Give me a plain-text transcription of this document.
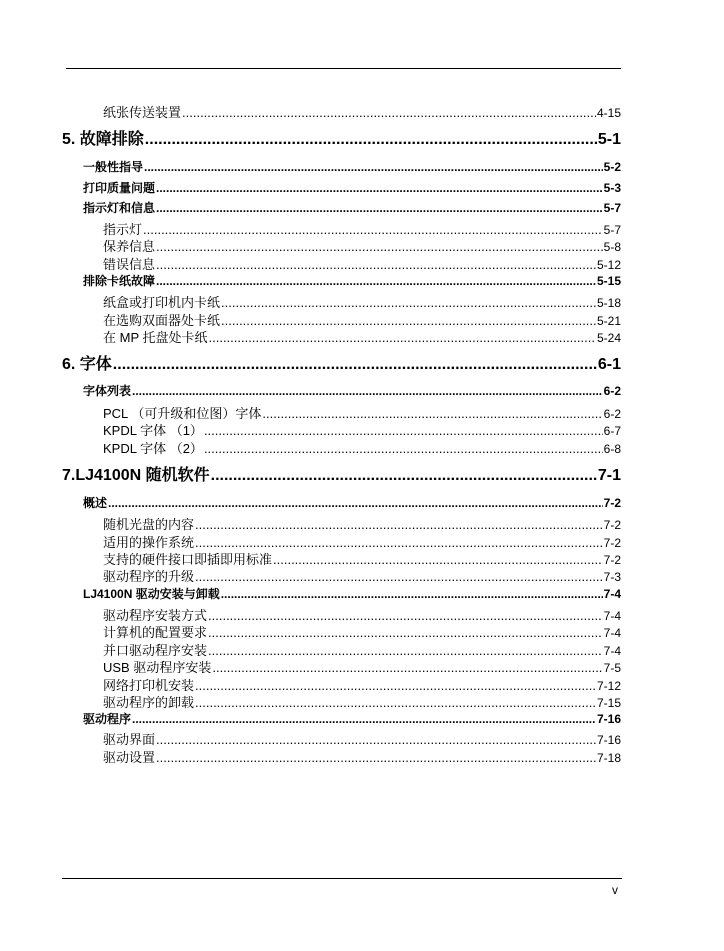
纸张传送装置 .....	4-15
5. 故障排除 .....	5-1
一般性指导 .....	5-2
打印质量问题 .....	5-3
指示灯和信息 .....	5-7
指示灯 .....	5-7
保养信息 .....	5-8
错误信息 .....	5-12
排除卡纸故障 .....	5-15
纸盒或打印机内卡纸 .....	5-18
在选购双面器处卡纸 .....	5-21
在 MP 托盘处卡纸 .....	5-24
6. 字体 .....	6-1
字体列表 .....	6-2
PCL （可升级和位图）字体 .....	6-2
KPDL 字体 （1） .....	6-7
KPDL 字体 （2） .....	6-8
7.LJ4100N 随机软件 .....	7-1
概述 .....	7-2
随机光盘的内容 .....	7-2
适用的操作系统 .....	7-2
支持的硬件接口即插即用标准 .....	7-2
驱动程序的升级 .....	7-3
LJ4100N 驱动安装与卸载 .....	7-4
驱动程序安装方式 .....	7-4
计算机的配置要求 .....	7-4
并口驱动程序安装 .....	7-4
USB 驱动程序安装 .....	7-5
网络打印机安装 .....	7-12
驱动程序的卸载 .....	7-15
驱动程序 .....	7-16
驱动界面 .....	7-16
驱动设置 .....	7-18
v
